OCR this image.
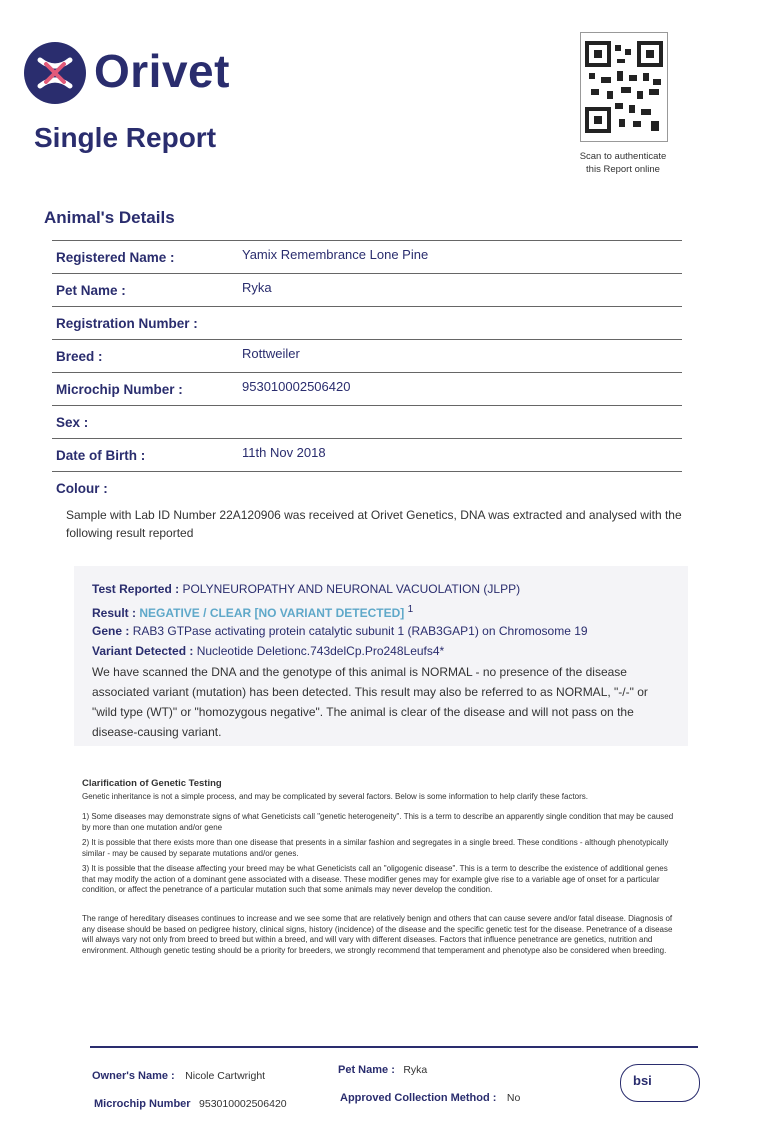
Orivet
Single Report
Scan to authenticate
this Report online
Animal's Details
Registered Name :	Yamix Remembrance Lone Pine
Pet Name :	Ryka
Registration Number :
Breed :	Rottweiler
Microchip Number :	953010002506420
Sex :
Date of Birth :	11th Nov 2018
Colour :
Sample with Lab ID Number 22A120906 was received at Orivet Genetics, DNA was extracted and analysed with the following result reported
Test Reported : POLYNEUROPATHY AND NEURONAL VACUOLATION (JLPP)
Result : NEGATIVE / CLEAR [NO VARIANT DETECTED] $^1$
Gene : RAB3 GTPase activating protein catalytic subunit 1 (RAB3GAP1) on Chromosome 19
Variant Detected : Nucleotide Deletionc.743delCp.Pro248Leufs4*
We have scanned the DNA and the genotype of this animal is NORMAL - no presence of the disease associated variant (mutation) has been detected. This result may also be referred to as NORMAL, "-/-" or "wild type (WT)" or "homozygous negative". The animal is clear of the disease and will not pass on the disease-causing variant.
Clarification of Genetic Testing
Genetic inheritance is not a simple process, and may be complicated by several factors. Below is some information to help clarify these factors.
1) Some diseases may demonstrate signs of what Geneticists call "genetic heterogeneity". This is a term to describe an apparently single condition that may be caused by more than one mutation and/or gene
2) It is possible that there exists more than one disease that presents in a similar fashion and segregates in a single breed. These conditions - although phenotypically similar - may be caused by separate mutations and/or genes.
3) It is possible that the disease affecting your breed may be what Geneticists call an "oligogenic disease". This is a term to describe the existence of additional genes that may modify the action of a dominant gene associated with a disease. These modifier genes may for example give rise to a variable age of onset for a particular condition, or affect the penetrance of a particular mutation such that some animals may never develop the condition.
The range of hereditary diseases continues to increase and we see some that are relatively benign and others that can cause severe and/or fatal disease. Diagnosis of any disease should be based on pedigree history, clinical signs, history (incidence) of the disease and the specific genetic test for the disease. Penetrance of a disease will always vary not only from breed to breed but within a breed, and will vary with different diseases. Factors that influence penetrance are genetics, nutrition and environment. Although genetic testing should be a priority for breeders, we strongly recommend that temperament and phenotype also be considered when breeding.
Owner's Name : Nicole Cartwright	Pet Name : Ryka
Microchip Number 953010002506420	Approved Collection Method : No
bsi
